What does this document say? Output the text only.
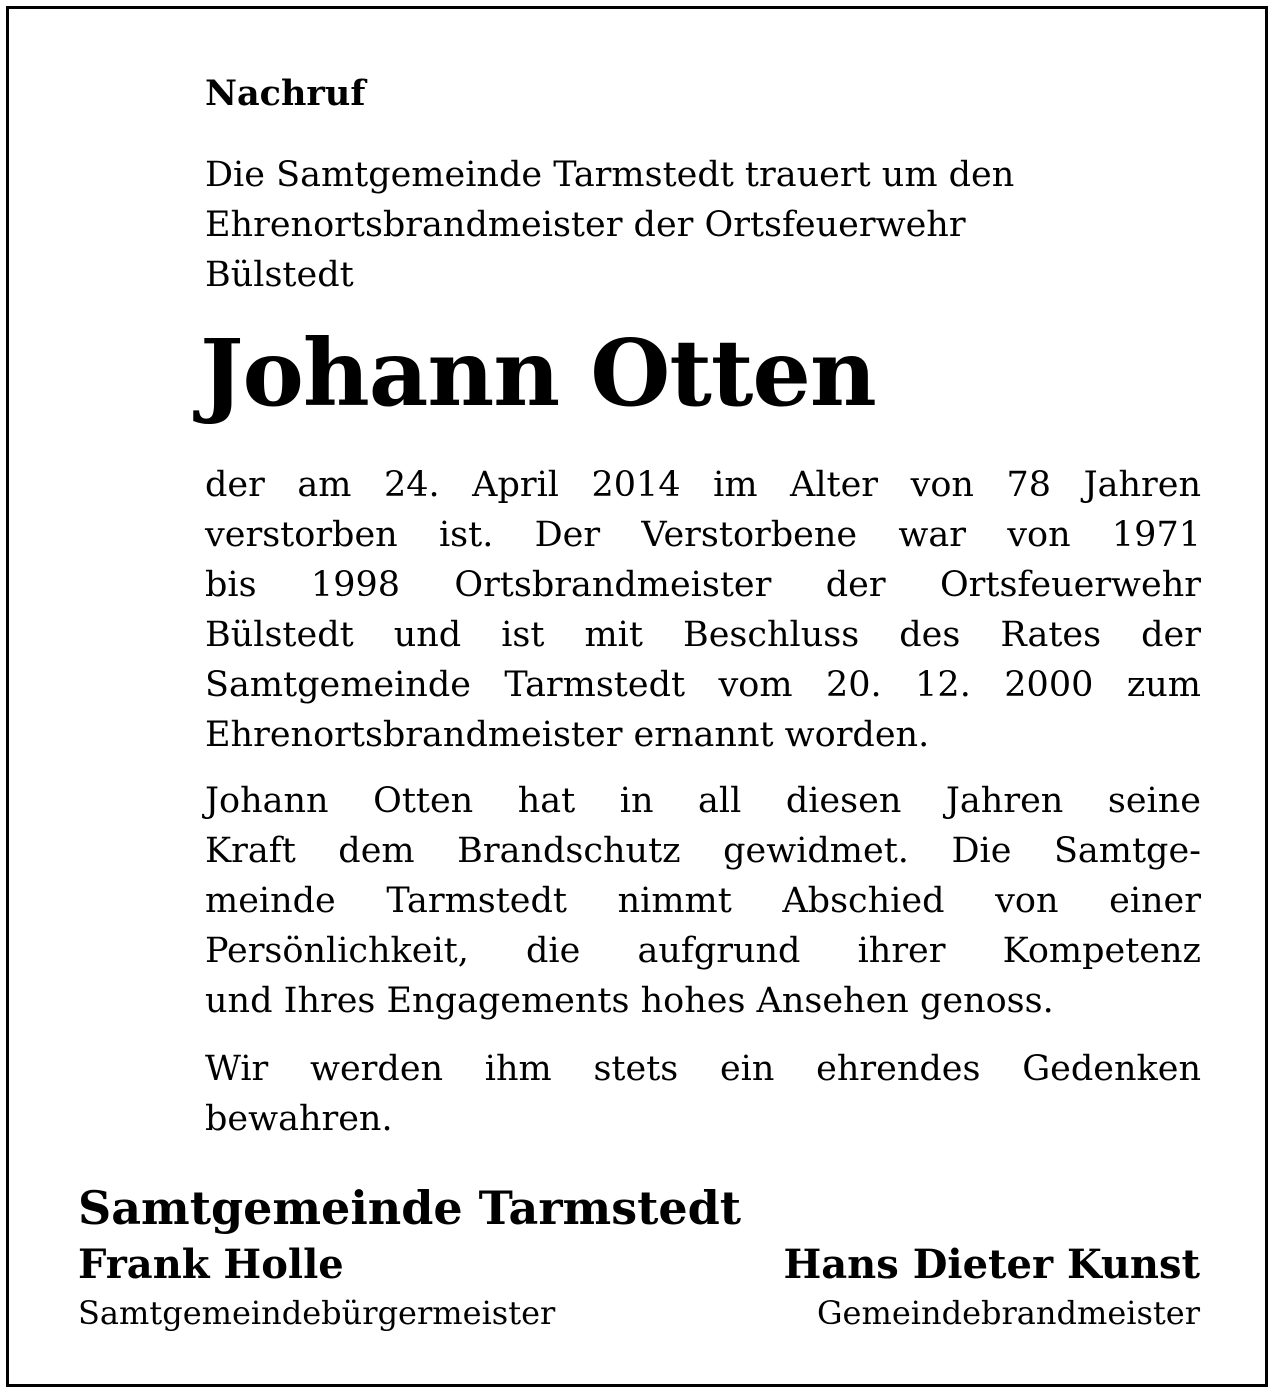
Nachruf
Die Samtgemeinde Tarmstedt trauert um den
Ehrenortsbrandmeister der Ortsfeuerwehr
Bülstedt
Johann Otten
der am 24. April 2014 im Alter von 78 Jahren
verstorben ist. Der Verstorbene war von 1971
bis 1998 Ortsbrandmeister der Ortsfeuerwehr
Bülstedt und ist mit Beschluss des Rates der
Samtgemeinde Tarmstedt vom 20. 12. 2000 zum
Ehrenortsbrandmeister ernannt worden.
Johann Otten hat in all diesen Jahren seine
Kraft dem Brandschutz gewidmet. Die Samtge-
meinde Tarmstedt nimmt Abschied von einer
Persönlichkeit, die aufgrund ihrer Kompetenz
und Ihres Engagements hohes Ansehen genoss.
Wir werden ihm stets ein ehrendes Gedenken
bewahren.
Samtgemeinde Tarmstedt
Frank Holle
Samtgemeindebürgermeister
Hans Dieter Kunst
Gemeindebrandmeister
